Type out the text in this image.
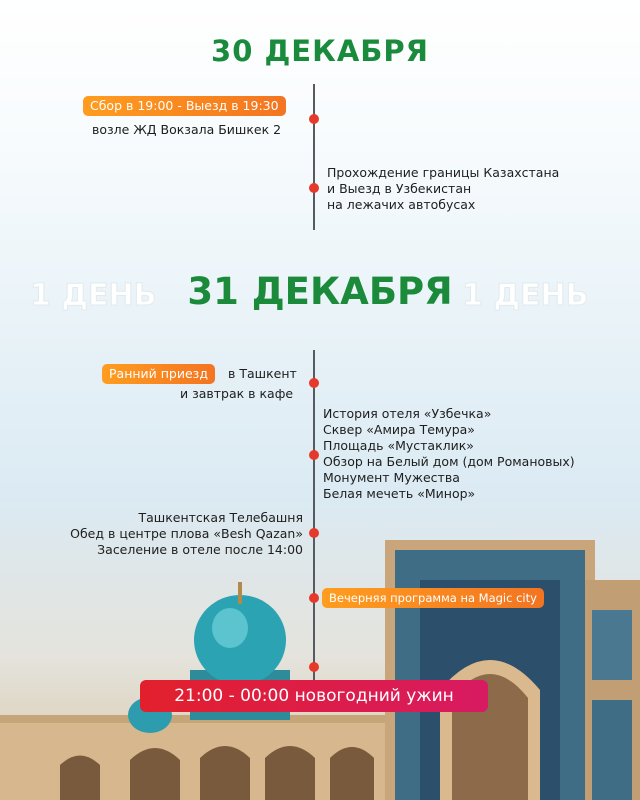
30 ДЕКАБРЯ
Сбор в 19:00 - Выезд в 19:30
возле ЖД Вокзала Бишкек 2
Прохождение границы Казахстана
и Выезд в Узбекистан
на лежачих автобусах
1 ДЕНЬ	1 ДЕНЬ
31 ДЕКАБРЯ
Ранний приезд	в Ташкент
и завтрак в кафе
История отеля «Узбечка»
Сквер «Амира Темура»
Площадь «Мустаклик»
Обзор на Белый дом (дом Романовых)
Монумент Мужества
Белая мечеть «Минор»
Ташкентская Телебашня
Обед в центре плова «Besh Qazan»
Заселение в отеле после 14:00
Вечерняя программа на Magic city
21:00 - 00:00 новогодний ужин
